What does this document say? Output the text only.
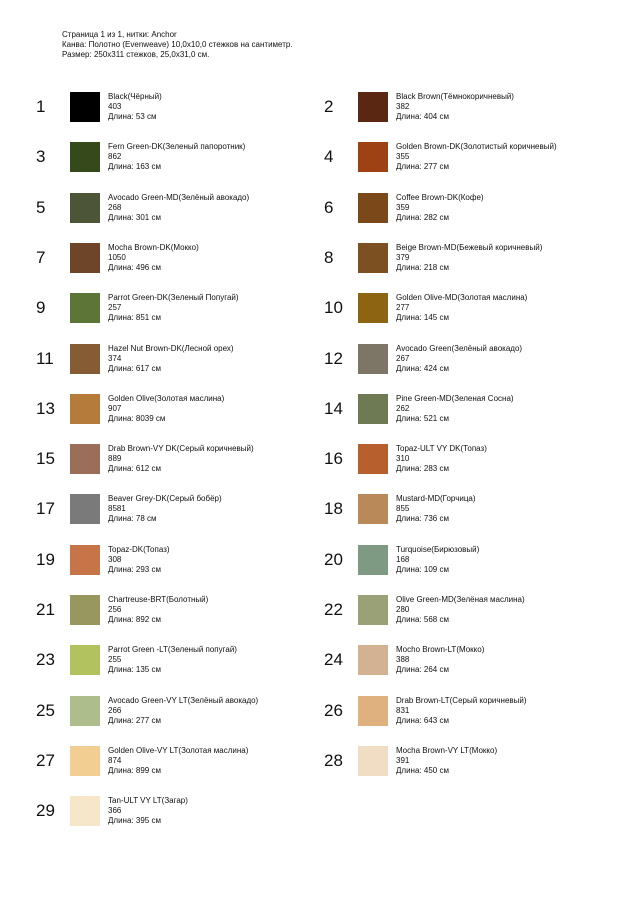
Страница 1 из 1, нитки: Anchor
Канва: Полотно (Evenweave) 10,0x10,0 стежков на сантиметр.
Размер: 250x311 стежков, 25,0x31,0 см.
1
Black(Чёрный)
403
Длина: 53 см
2
Black Brown(Тёмнокоричневый)
382
Длина: 404 см
3
Fern Green-DK(Зеленый папоротник)
862
Длина: 163 см
4
Golden Brown-DK(Золотистый коричневый)
355
Длина: 277 см
5
Avocado Green-MD(Зелёный авокадо)
268
Длина: 301 см
6
Coffee Brown-DK(Кофе)
359
Длина: 282 см
7
Mocha Brown-DK(Мокко)
1050
Длина: 496 см
8
Beige Brown-MD(Бежевый коричневый)
379
Длина: 218 см
9
Parrot Green-DK(Зеленый Попугай)
257
Длина: 851 см
10
Golden Olive-MD(Золотая маслина)
277
Длина: 145 см
11
Hazel Nut Brown-DK(Лесной орех)
374
Длина: 617 см
12
Avocado Green(Зелёный авокадо)
267
Длина: 424 см
13
Golden Olive(Золотая маслина)
907
Длина: 8039 см
14
Pine Green-MD(Зеленая Сосна)
262
Длина: 521 см
15
Drab Brown-VY DK(Серый коричневый)
889
Длина: 612 см
16
Topaz-ULT VY DK(Топаз)
310
Длина: 283 см
17
Beaver Grey-DK(Серый бобёр)
8581
Длина: 78 см
18
Mustard-MD(Горчица)
855
Длина: 736 см
19
Topaz-DK(Топаз)
308
Длина: 293 см
20
Turquoise(Бирюзовый)
168
Длина: 109 см
21
Chartreuse-BRT(Болотный)
256
Длина: 892 см
22
Olive Green-MD(Зелёная маслина)
280
Длина: 568 см
23
Parrot Green -LT(Зеленый попугай)
255
Длина: 135 см
24
Mocho Brown-LT(Мокко)
388
Длина: 264 см
25
Avocado Green-VY LT(Зелёный авокадо)
266
Длина: 277 см
26
Drab Brown-LT(Серый коричневый)
831
Длина: 643 см
27
Golden Olive-VY LT(Золотая маслина)
874
Длина: 899 см
28
Mocha Brown-VY LT(Мокко)
391
Длина: 450 см
29
Tan-ULT VY LT(Загар)
366
Длина: 395 см
